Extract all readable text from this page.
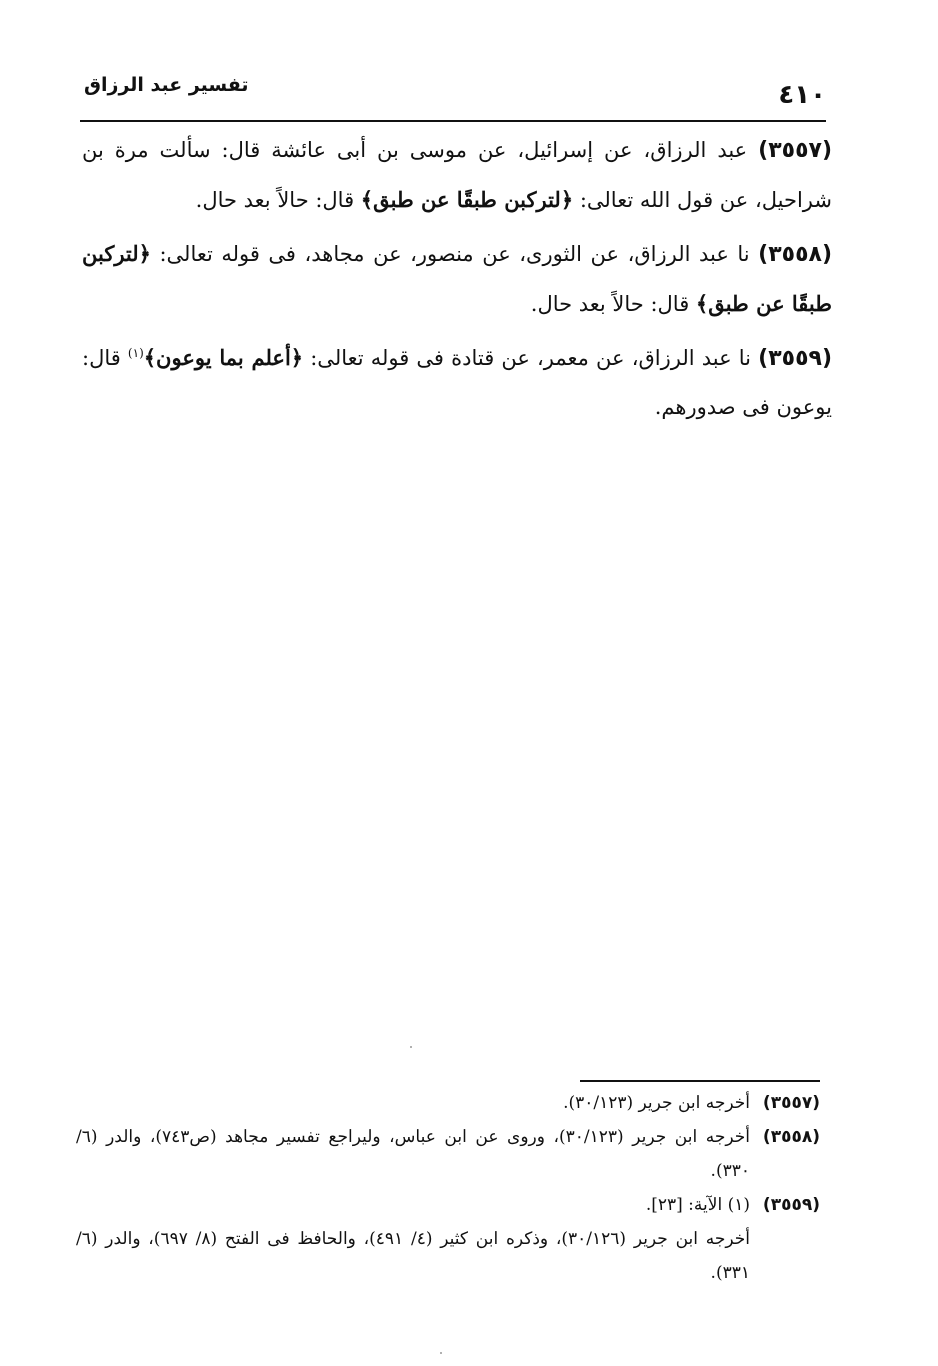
٤١٠
تفسير عبد الرزاق

(٣٥٥٧) عبد الرزاق، عن إسرائيل، عن موسى بن أبى عائشة قال: سألت مرة بن شراحيل، عن قول الله تعالى: ﴿لتركبن طبقًا عن طبق﴾ قال: حالاً بعد حال.

(٣٥٥٨) نا عبد الرزاق، عن الثورى، عن منصور، عن مجاهد، فى قوله تعالى: ﴿لتركبن طبقًا عن طبق﴾ قال: حالاً بعد حال.

(٣٥٥٩) نا عبد الرزاق، عن معمر، عن قتادة فى قوله تعالى: ﴿أعلم بما يوعون﴾$^{(١)}$ قال: يوعون فى صدورهم.

(٣٥٥٧)
أخرجه ابن جرير (٣٠/١٢٣).
(٣٥٥٨)
أخرجه ابن جرير (٣٠/١٢٣)، وروى عن ابن عباس، وليراجع تفسير مجاهد (ص٧٤٣)، والدر (٦/ ٣٣٠).
(٣٥٥٩)
(١) الآية: [٢٣].
أخرجه ابن جرير (٣٠/١٢٦)، وذكره ابن كثير (٤/ ٤٩١)، والحافظ فى الفتح (٨/ ٦٩٧)، والدر (٦/ ٣٣١).
